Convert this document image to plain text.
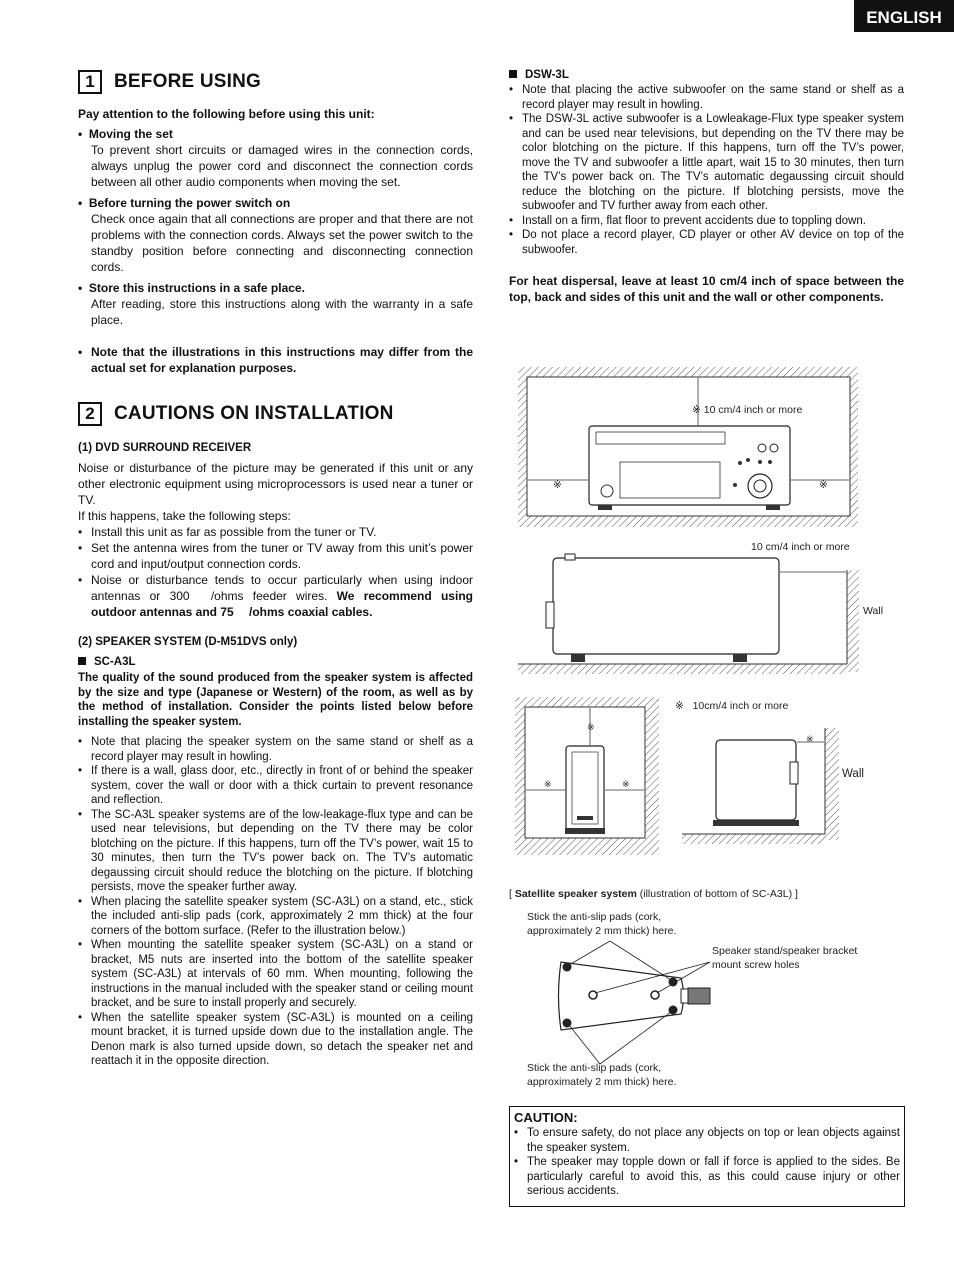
ENGLISH
1	BEFORE USING
Pay attention to the following before using this unit:
•  Moving the set
To prevent short circuits or damaged wires in the connection cords, always unplug the power cord and disconnect the connection cords between all other audio components when moving the set.
•  Before turning the power switch on
Check once again that all connections are proper and that there are not problems with the connection cords. Always set the power switch to the standby position before connecting and disconnecting connection cords.
•  Store this instructions in a safe place.
After reading, store this instructions along with the warranty in a safe place.
• Note that the illustrations in this instructions may differ from the actual set for explanation purposes.
2	CAUTIONS ON INSTALLATION
(1) DVD SURROUND RECEIVER
Noise or disturbance of the picture may be generated if this unit or any other electronic equipment using microprocessors is used near a tuner or TV.
If this happens, take the following steps:
• Install this unit as far as possible from the tuner or TV.
• Set the antenna wires from the tuner or TV away from this unit’s power cord and input/output connection cords.
• Noise or disturbance tends to occur particularly when using indoor antennas or 300  /ohms feeder wires. We recommend using outdoor antennas and 75  /ohms coaxial cables.
(2) SPEAKER SYSTEM (D-M51DVS only)
SC-A3L
The quality of the sound produced from the speaker system is affected by the size and type (Japanese or Western) of the room, as well as by the method of installation. Consider the points listed below before installing the speaker system.
• Note that placing the speaker system on the same stand or shelf as a record player may result in howling.
• If there is a wall, glass door, etc., directly in front of or behind the speaker system, cover the wall or door with a thick curtain to prevent resonance and reflection.
• The SC-A3L speaker systems are of the low-leakage-flux type and can be used near televisions, but depending on the TV there may be color blotching on the picture. If this happens, turn off the TV’s power, wait 15 to 30 minutes, then turn the TV’s power back on. The TV’s automatic degaussing circuit should reduce the blotching on the picture. If blotching persists, move the speaker further away.
• When placing the satellite speaker system (SC-A3L) on a stand, etc., stick the included anti-slip pads (cork, approximately 2 mm thick) at the four corners of the bottom surface. (Refer to the illustration below.)
• When mounting the satellite speaker system (SC-A3L) on a stand or bracket, M5 nuts are inserted into the bottom of the satellite speaker system (SC-A3L) at intervals of 60 mm. When mounting, following the instructions in the manual included with the speaker stand or ceiling mount bracket, and be sure to install properly and securely.
• When the satellite speaker system (SC-A3L) is mounted on a ceiling mount bracket, it is turned upside down due to the installation angle. The Denon mark is also turned upside down, so detach the speaker net and reattach it in the opposite direction.
DSW-3L
• Note that placing the active subwoofer on the same stand or shelf as a record player may result in howling.
• The DSW-3L active subwoofer is a Lowleakage-Flux type speaker system and can be used near televisions, but depending on the TV there may be color blotching on the picture. If this happens, turn off the TV’s power, move the TV and subwoofer a little apart, wait 15 to 30 minutes, then turn the TV’s power back on. The TV’s automatic degaussing circuit should reduce the blotching on the picture. If blotching persists, move the subwoofer and TV further away from each other.
• Install on a firm, flat floor to prevent accidents due to toppling down.
• Do not place a record player, CD player or other AV device on top of the subwoofer.
For heat dispersal, leave at least 10 cm/4 inch of space between the top, back and sides of this unit and the wall or other components.
※ 10 cm/4 inch or more
※	※
10 cm/4 inch or more
Wall
※ 10cm/4 inch or more
※
※	※
※
Wall
[ Satellite speaker system (illustration of bottom of SC-A3L) ]
Stick the anti-slip pads (cork, approximately 2 mm thick) here.
Speaker stand/speaker bracket mount screw holes
Stick the anti-slip pads (cork, approximately 2 mm thick) here.
CAUTION:
• To ensure safety, do not place any objects on top or lean objects against the speaker system.
• The speaker may topple down or fall if force is applied to the sides. Be particularly careful to avoid this, as this could cause injury or other serious accidents.
